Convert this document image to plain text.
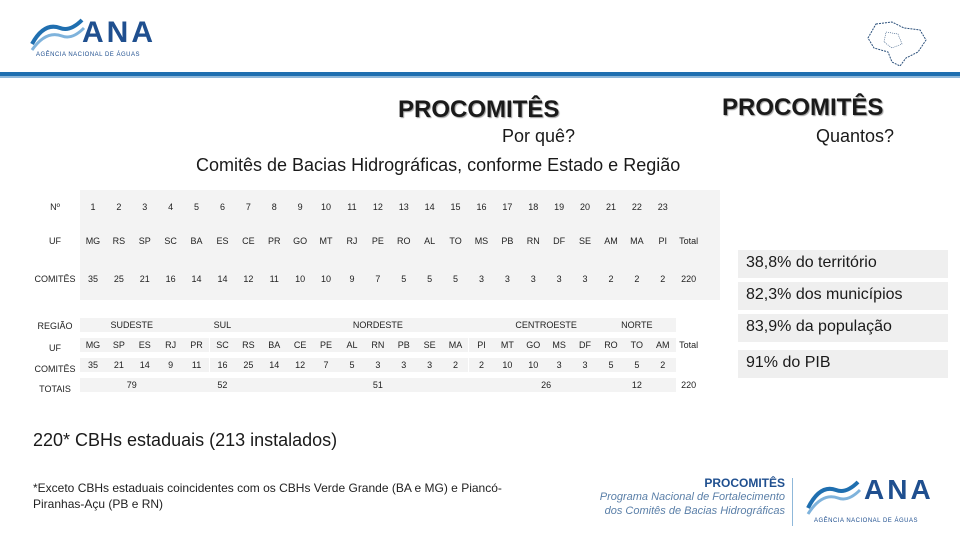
ANA
AGÊNCIA NACIONAL DE ÁGUAS
PROCOMITÊS	PROCOMITÊS
Por quê?	Quantos?
Comitês de Bacias Hidrográficas, conforme Estado e Região
Nº
UF
COMITÊS
1	2	3	4	5	6	7	8	9	10	11	12	13	14	15	16	17	18	19	20	21	22	23
MG	RS	SP	SC	BA	ES	CE	PR	GO	MT	RJ	PE	RO	AL	TO	MS	PB	RN	DF	SE	AM	MA	PI	Total
35	25	21	16	14	14	12	11	10	10	9	7	5	5	5	3	3	3	3	3	2	2	2	220
REGIÃO
UF
COMITÊS
TOTAIS
SUDESTE	SUL	NORDESTE	CENTROESTE	NORTE
MG	SP	ES	RJ	PR	SC	RS	BA	CE	PE	AL	RN	PB	SE	MA	PI	MT	GO	MS	DF	RO	TO	AM	Total
35	21	14	9	11	16	25	14	12	7	5	3	3	3	2	2	10	10	3	3	5	5	2
79	52	51	26	12	220
38,8% do território
82,3% dos municípios
83,9% da população
91% do PIB
220* CBHs estaduais (213 instalados)
*Exceto CBHs estaduais coincidentes com os CBHs Verde Grande (BA e MG) e Piancó-Piranhas-Açu (PB e RN)
PROCOMITÊS
Programa Nacional de Fortalecimento
dos Comitês de Bacias Hidrográficas
ANA
AGÊNCIA NACIONAL DE ÁGUAS
